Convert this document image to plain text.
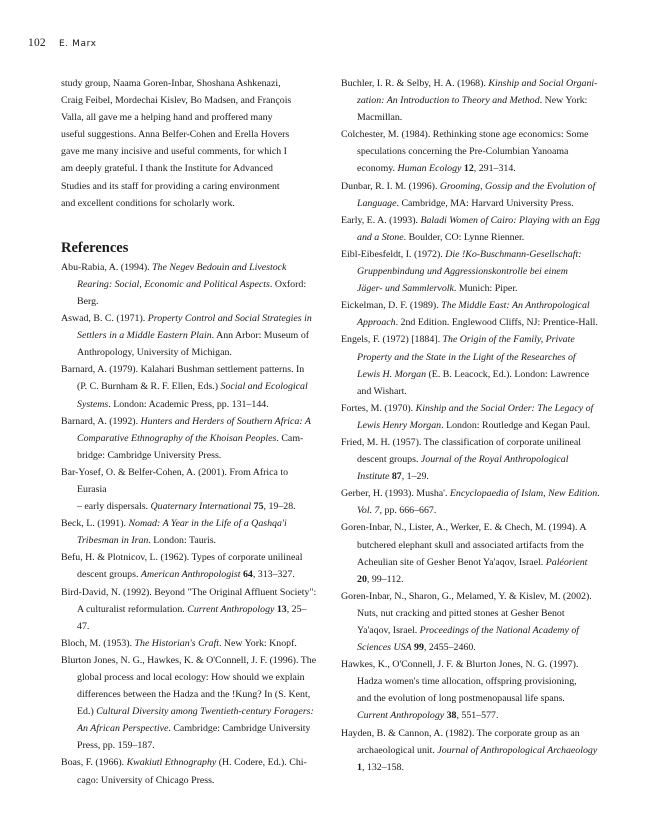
102 E. Marx
study group, Naama Goren-Inbar, Shoshana Ashkenazi,
Craig Feibel, Mordechai Kislev, Bo Madsen, and François
Valla, all gave me a helping hand and proffered many
useful suggestions. Anna Belfer-Cohen and Erella Hovers
gave me many incisive and useful comments, for which I
am deeply grateful. I thank the Institute for Advanced
Studies and its staff for providing a caring environment
and excellent conditions for scholarly work.
References
Abu-Rabia, A. (1994). The Negev Bedouin and Livestock
Rearing: Social, Economic and Political Aspects. Oxford:
Berg.
Aswad, B. C. (1971). Property Control and Social Strategies in
Settlers in a Middle Eastern Plain. Ann Arbor: Museum of
Anthropology, University of Michigan.
Barnard, A. (1979). Kalahari Bushman settlement patterns. In
(P. C. Burnham & R. F. Ellen, Eds.) Social and Ecological
Systems. London: Academic Press, pp. 131–144.
Barnard, A. (1992). Hunters and Herders of Southern Africa: A
Comparative Ethnography of the Khoisan Peoples. Cam-
bridge: Cambridge University Press.
Bar-Yosef, O. & Belfer-Cohen, A. (2001). From Africa to Eurasia
– early dispersals. Quaternary International 75, 19–28.
Beck, L. (1991). Nomad: A Year in the Life of a Qashqa'i
Tribesman in Iran. London: Tauris.
Befu, H. & Plotnicov, L. (1962). Types of corporate unilineal
descent groups. American Anthropologist 64, 313–327.
Bird-David, N. (1992). Beyond "The Original Affluent Society":
A culturalist reformulation. Current Anthropology 13, 25–
47.
Bloch, M. (1953). The Historian's Craft. New York: Knopf.
Blurton Jones, N. G., Hawkes, K. & O'Connell, J. F. (1996). The
global process and local ecology: How should we explain
differences between the Hadza and the !Kung? In (S. Kent,
Ed.) Cultural Diversity among Twentieth-century Foragers:
An African Perspective. Cambridge: Cambridge University
Press, pp. 159–187.
Boas, F. (1966). Kwakiutl Ethnography (H. Codere, Ed.). Chi-
cago: University of Chicago Press.
Buchler, I. R. & Selby, H. A. (1968). Kinship and Social Organi-
zation: An Introduction to Theory and Method. New York:
Macmillan.
Colchester, M. (1984). Rethinking stone age economics: Some
speculations concerning the Pre-Columbian Yanoama
economy. Human Ecology 12, 291–314.
Dunbar, R. I. M. (1996). Grooming, Gossip and the Evolution of
Language. Cambridge, MA: Harvard University Press.
Early, E. A. (1993). Baladi Women of Cairo: Playing with an Egg
and a Stone. Boulder, CO: Lynne Rienner.
Eibl-Eibesfeldt, I. (1972). Die !Ko-Buschmann-Gesellschaft:
Gruppenbindung und Aggressionskontrolle bei einem
Jäger- und Sammlervolk. Munich: Piper.
Eickelman, D. F. (1989). The Middle East: An Anthropological
Approach. 2nd Edition. Englewood Cliffs, NJ: Prentice-Hall.
Engels, F. (1972) [1884]. The Origin of the Family, Private
Property and the State in the Light of the Researches of
Lewis H. Morgan (E. B. Leacock, Ed.). London: Lawrence
and Wishart.
Fortes, M. (1970). Kinship and the Social Order: The Legacy of
Lewis Henry Morgan. London: Routledge and Kegan Paul.
Fried, M. H. (1957). The classification of corporate unilineal
descent groups. Journal of the Royal Anthropological
Institute 87, 1–29.
Gerber, H. (1993). Musha'. Encyclopaedia of Islam, New Edition.
Vol. 7, pp. 666–667.
Goren-Inbar, N., Lister, A., Werker, E. & Chech, M. (1994). A
butchered elephant skull and associated artifacts from the
Acheulian site of Gesher Benot Ya'aqov, Israel. Paléorient
20, 99–112.
Goren-Inbar, N., Sharon, G., Melamed, Y. & Kislev, M. (2002).
Nuts, nut cracking and pitted stones at Gesher Benot
Ya'aqov, Israel. Proceedings of the National Academy of
Sciences USA 99, 2455–2460.
Hawkes, K., O'Connell, J. F. & Blurton Jones, N. G. (1997).
Hadza women's time allocation, offspring provisioning,
and the evolution of long postmenopausal life spans.
Current Anthropology 38, 551–577.
Hayden, B. & Cannon, A. (1982). The corporate group as an
archaeological unit. Journal of Anthropological Archaeology
1, 132–158.
